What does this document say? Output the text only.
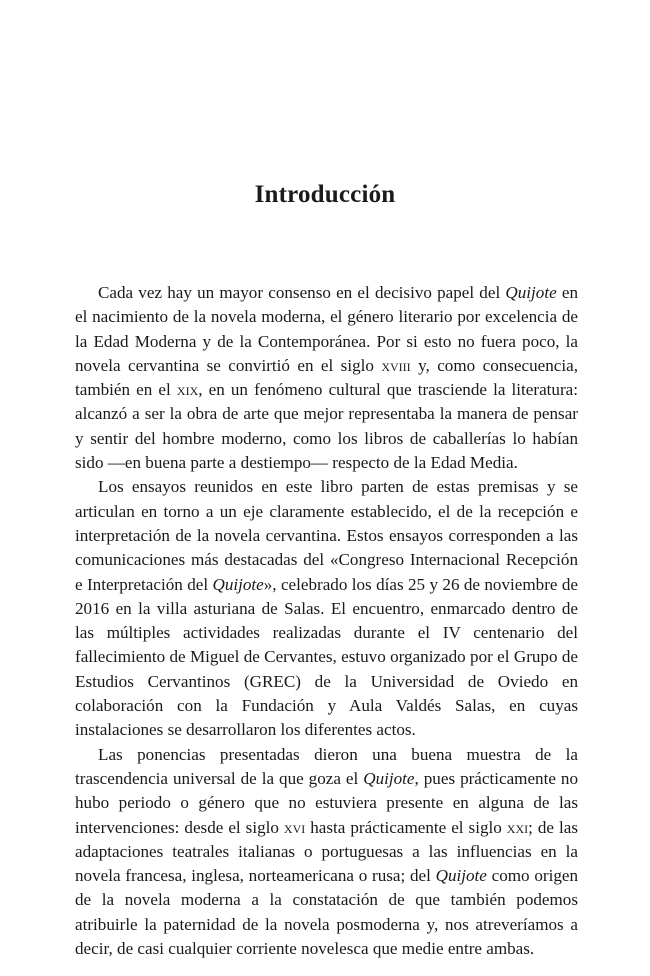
Introducción

Cada vez hay un mayor consenso en el decisivo papel del Quijote en el nacimiento de la novela moderna, el género literario por excelencia de la Edad Moderna y de la Contemporánea. Por si esto no fuera poco, la novela cervantina se convirtió en el siglo xviii y, como consecuencia, también en el xix, en un fenómeno cultural que trasciende la literatura: alcanzó a ser la obra de arte que mejor representaba la manera de pensar y sentir del hombre moderno, como los libros de caballerías lo habían sido —en buena parte a destiempo— respecto de la Edad Media.

Los ensayos reunidos en este libro parten de estas premisas y se articulan en torno a un eje claramente establecido, el de la recepción e interpretación de la novela cervantina. Estos ensayos corresponden a las comunicaciones más destacadas del «Congreso Internacional Recepción e Interpretación del Quijote», celebrado los días 25 y 26 de noviembre de 2016 en la villa asturiana de Salas. El encuentro, enmarcado dentro de las múltiples actividades realizadas durante el IV centenario del fallecimiento de Miguel de Cervantes, estuvo organizado por el Grupo de Estudios Cervantinos (GREC) de la Universidad de Oviedo en colaboración con la Fundación y Aula Valdés Salas, en cuyas instalaciones se desarrollaron los diferentes actos.

Las ponencias presentadas dieron una buena muestra de la trascendencia universal de la que goza el Quijote, pues prácticamente no hubo periodo o género que no estuviera presente en alguna de las intervenciones: desde el siglo xvi hasta prácticamente el siglo xxi; de las adaptaciones teatrales italianas o portuguesas a las influencias en la novela francesa, inglesa, norteamericana o rusa; del Quijote como origen de la novela moderna a la constatación de que también podemos atribuirle la paternidad de la novela posmoderna y, nos atreveríamos a decir, de casi cualquier corriente novelesca que medie entre ambas.
